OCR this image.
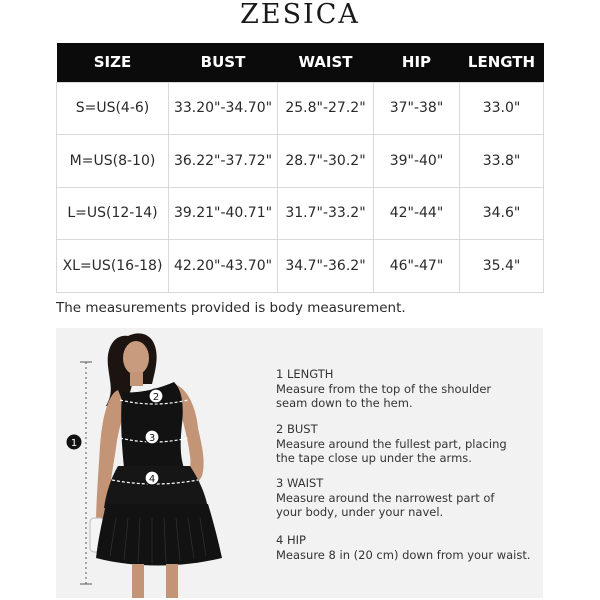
ZESICA
SIZE	BUST	WAIST	HIP	LENGTH
S=US(4-6)	33.20"-34.70"	25.8"-27.2"	37"-38"	33.0"
M=US(8-10)	36.22"-37.72"	28.7"-30.2"	39"-40"	33.8"
L=US(12-14)	39.21"-40.71"	31.7"-33.2"	42"-44"	34.6"
XL=US(16-18)	42.20"-43.70"	34.7"-36.2"	46"-47"	35.4"
The measurements provided is body measurement.
1
2
3
4
1 LENGTH
Measure from the top of the shoulder
seam down to the hem.
2 BUST
Measure around the fullest part, placing
the tape close up under the arms.
3 WAIST
Measure around the narrowest part of
your body, under your navel.
4 HIP
Measure 8 in (20 cm) down from your waist.
